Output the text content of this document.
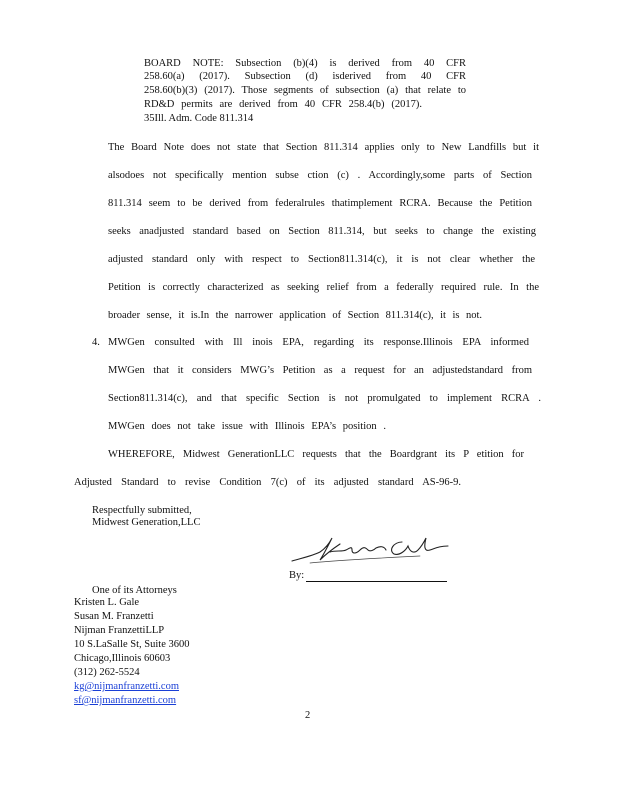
BOARD NOTE: Subsection (b)(4) is derived from 40 CFR
258.60(a) (2017). Subsection (d) isderived from 40 CFR
258.60(b)(3) (2017). Those segments of subsection (a) that relate to
RD&D permits are derived from 40 CFR 258.4(b) (2017).
35Ill. Adm. Code 811.314
The Board Note does not state that Section 811.314 applies only to New Landfills but it
alsodoes not specifically mention subse ction (c) . Accordingly,some parts of Section
811.314 seem to be derived from federalrules thatimplement RCRA. Because the Petition
seeks anadjusted standard based on Section 811.314, but seeks to change the existing
adjusted standard only with respect to Section811.314(c), it is not clear whether the
Petition is correctly characterized as seeking relief from a federally required rule. In the
broader sense, it is.In the narrower application of Section 811.314(c), it is not.
4. MWGen consulted with Ill inois EPA, regarding its response.Illinois EPA informed
MWGen that it considers MWG’s Petition as a request for an adjustedstandard from
Section811.314(c), and that specific Section is not promulgated to implement RCRA .
MWGen does not take issue with Illinois EPA’s position .
WHEREFORE, Midwest GenerationLLC requests that the Boardgrant its P etition for
Adjusted Standard to revise Condition 7(c) of its adjusted standard AS-96-9.
Respectfully submitted,
Midwest Generation,LLC
By:
One of its Attorneys
Kristen L. Gale
Susan M. Franzetti
Nijman FranzettiLLP
10 S.LaSalle St, Suite 3600
Chicago,Illinois 60603
(312) 262-5524
kg@nijmanfranzetti.com
sf@nijmanfranzetti.com
2
